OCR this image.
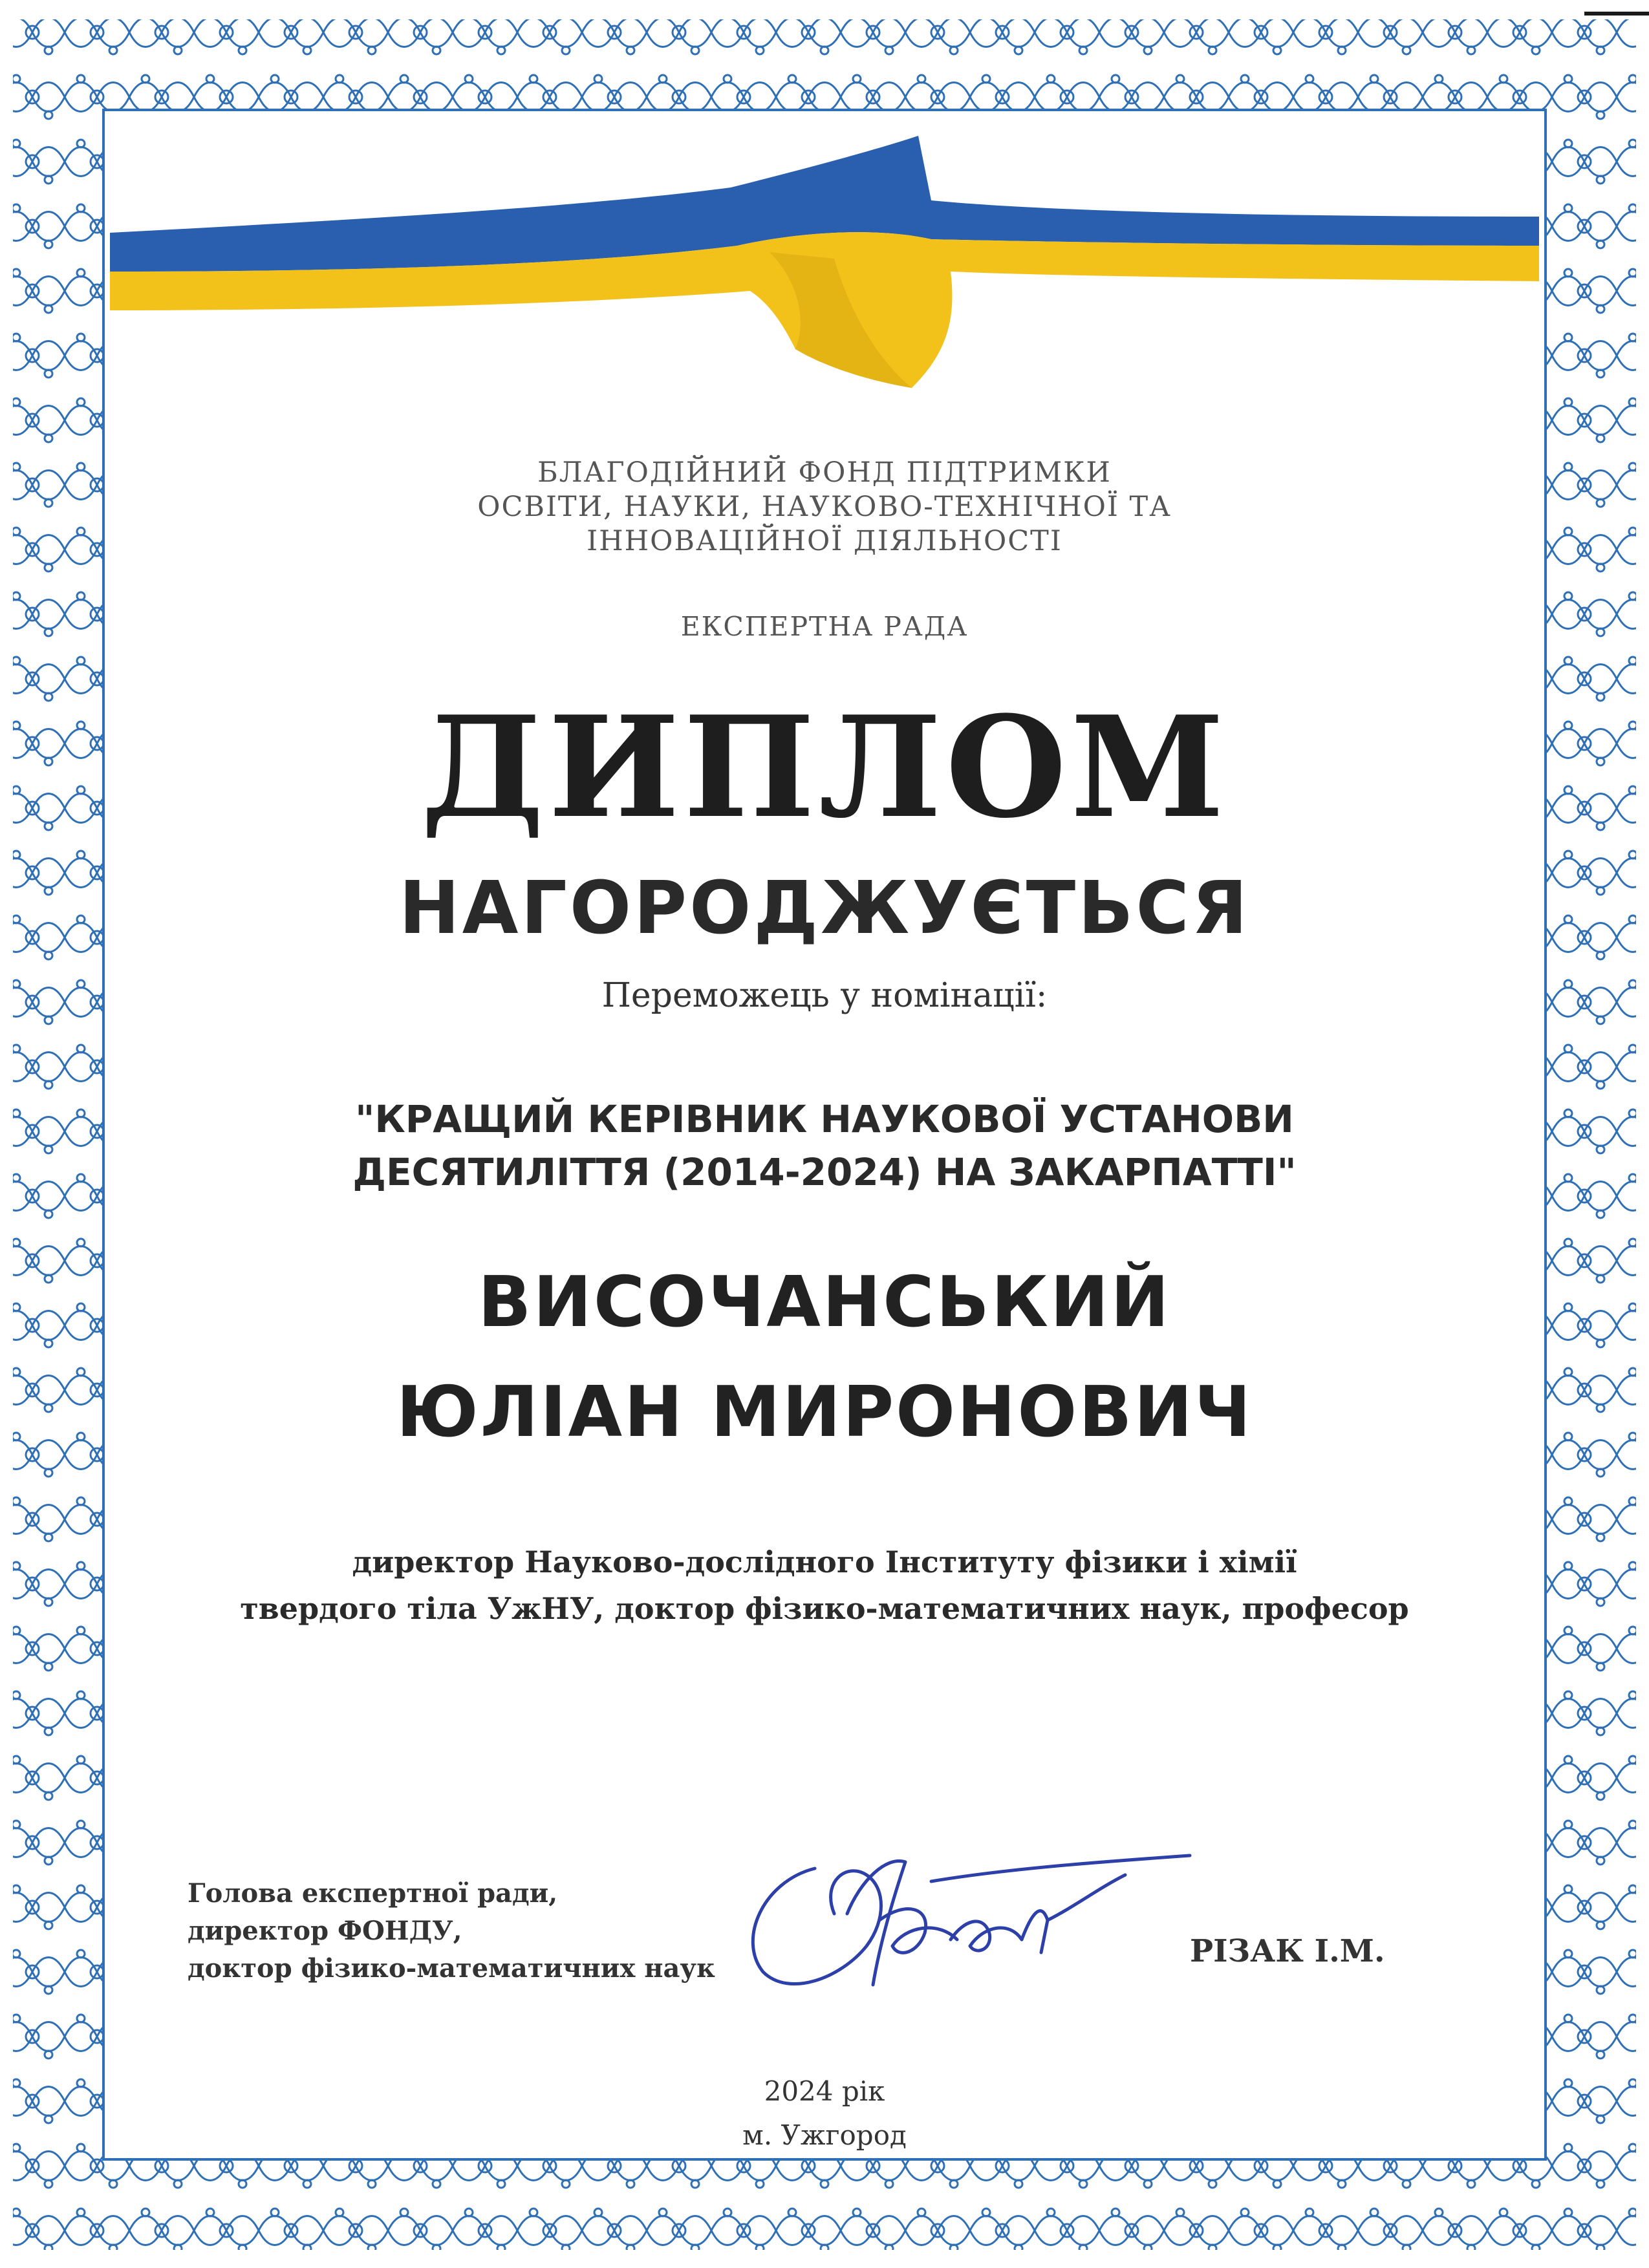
БЛАГОДІЙНИЙ ФОНД ПІДТРИМКИ
ОСВІТИ, НАУКИ, НАУКОВО-ТЕХНІЧНОЇ ТА
ІННОВАЦІЙНОЇ ДІЯЛЬНОСТІ
ЕКСПЕРТНА РАДА
ДИПЛОМ
НАГОРОДЖУЄТЬСЯ
Переможець у номінації:
"КРАЩИЙ КЕРІВНИК НАУКОВОЇ УСТАНОВИ
ДЕСЯТИЛІТТЯ (2014-2024) НА ЗАКАРПАТТІ"
ВИСОЧАНСЬКИЙ
ЮЛІАН МИРОНОВИЧ
директор Науково-дослідного Інституту фізики і хімії
твердого тіла УжНУ, доктор фізико-математичних наук, професор
Голова експертної ради,
директор ФОНДУ,
доктор фізико-математичних наук	РІЗАК І.М.
2024 рік
м. Ужгород
